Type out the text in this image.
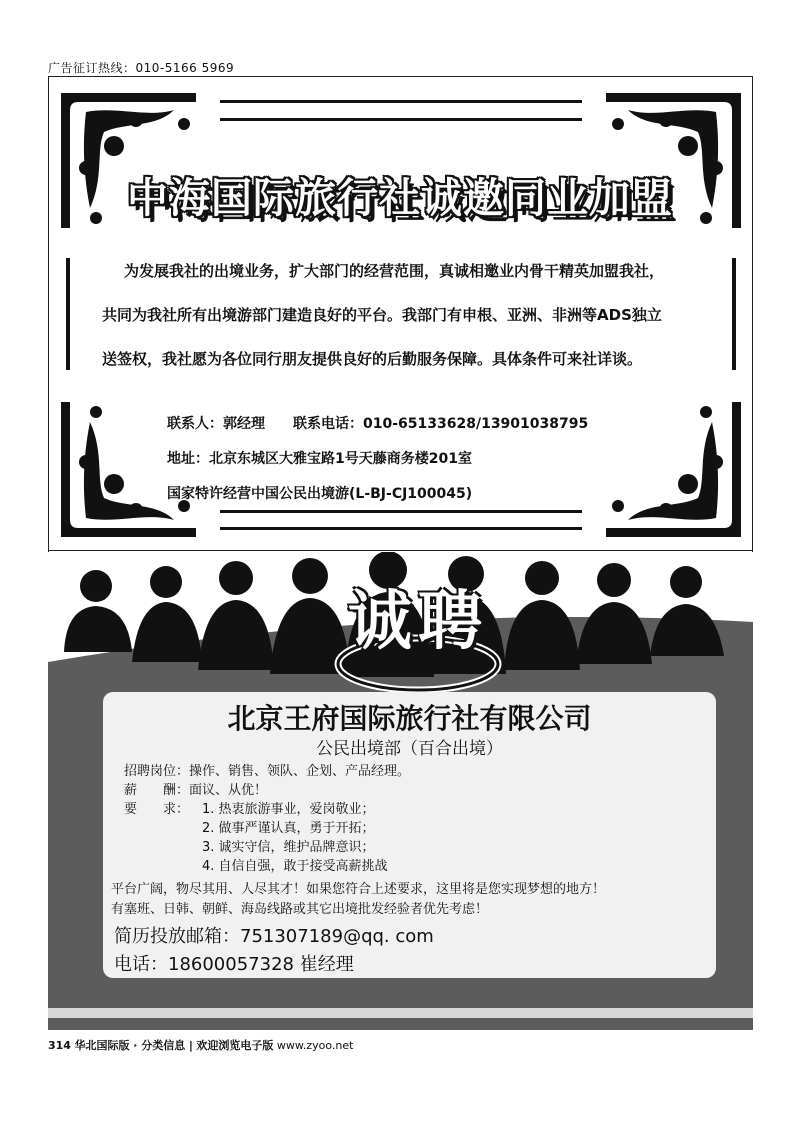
广告征订热线：010-5166 5969
中海国际旅行社诚邀同业加盟
为发展我社的出境业务，扩大部门的经营范围，真诚相邀业内骨干精英加盟我社，
共同为我社所有出境游部门建造良好的平台。我部门有申根、亚洲、非洲等ADS独立
送签权，我社愿为各位同行朋友提供良好的后勤服务保障。具体条件可来社详谈。
联系人：郭经理　　联系电话：010-65133628/13901038795
地址：北京东城区大雅宝路1号天藤商务楼201室
国家特许经营中国公民出境游(L-BJ-CJ100045)
诚聘
北京王府国际旅行社有限公司
公民出境部（百合出境）
招聘岗位：操作、销售、领队、企划、产品经理。
薪　　酬：面议、从优！
要　　求： 1. 热衷旅游事业，爱岗敬业；
2. 做事严谨认真，勇于开拓；
3. 诚实守信，维护品牌意识；
4. 自信自强，敢于接受高薪挑战
平台广阔，物尽其用、人尽其才！如果您符合上述要求，这里将是您实现梦想的地方！
有塞班、日韩、朝鲜、海岛线路或其它出境批发经验者优先考虑！
简历投放邮箱：751307189@qq. com
电话：18600057328 崔经理
314 华北国际版 · 分类信息 | 欢迎浏览电子版 www.zyoo.net
